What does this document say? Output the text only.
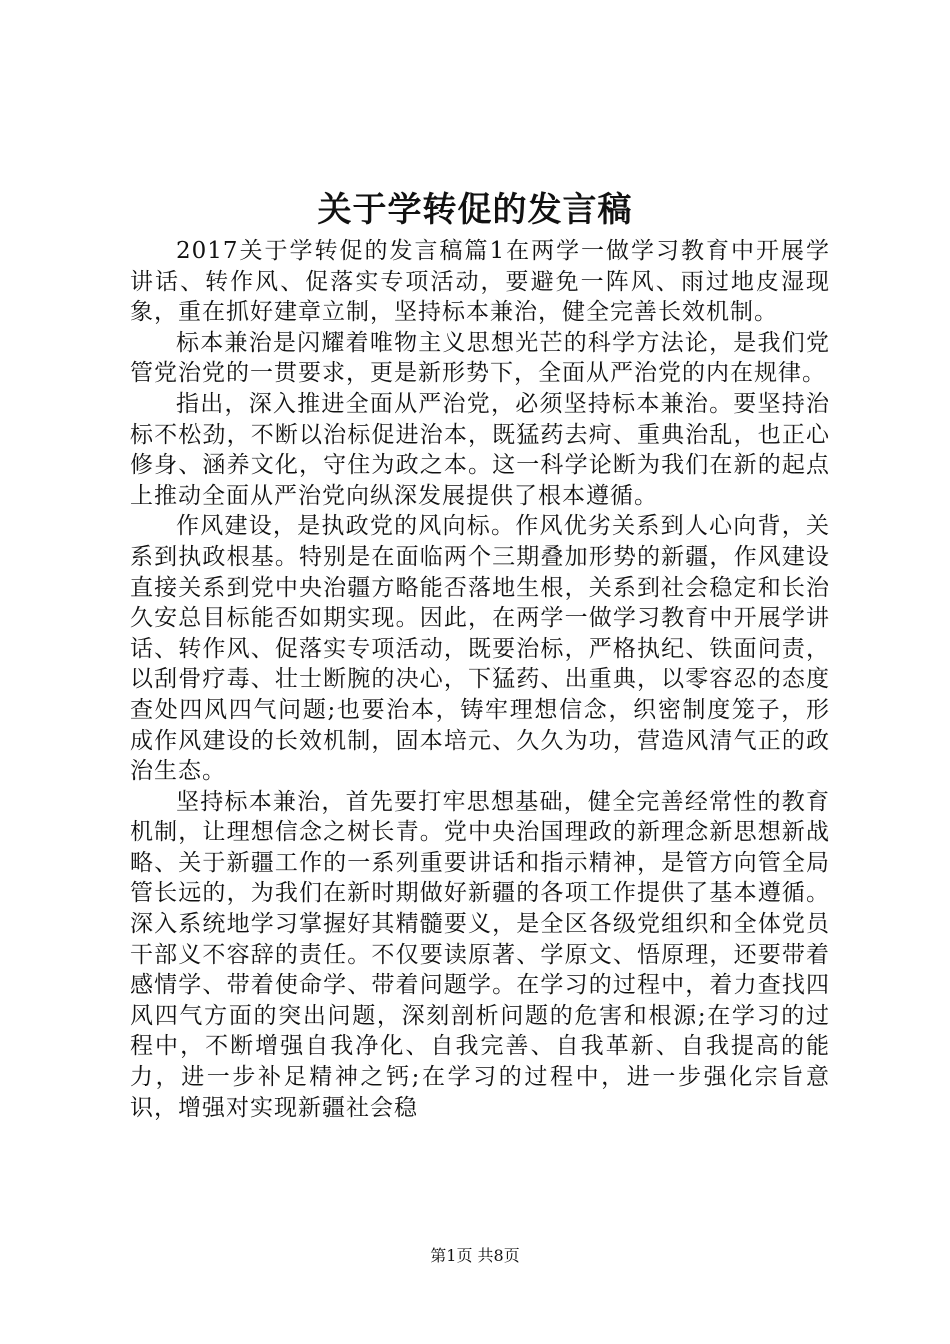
关于学转促的发言稿

2017关于学转促的发言稿篇1在两学一做学习教育中开展学讲话、转作风、促落实专项活动，要避免一阵风、雨过地皮湿现象，重在抓好建章立制，坚持标本兼治，健全完善长效机制。

标本兼治是闪耀着唯物主义思想光芒的科学方法论，是我们党管党治党的一贯要求，更是新形势下，全面从严治党的内在规律。

指出，深入推进全面从严治党，必须坚持标本兼治。要坚持治标不松劲，不断以治标促进治本，既猛药去疴、重典治乱，也正心修身、涵养文化，守住为政之本。这一科学论断为我们在新的起点上推动全面从严治党向纵深发展提供了根本遵循。

作风建设，是执政党的风向标。作风优劣关系到人心向背，关系到执政根基。特别是在面临两个三期叠加形势的新疆，作风建设直接关系到党中央治疆方略能否落地生根，关系到社会稳定和长治久安总目标能否如期实现。因此，在两学一做学习教育中开展学讲话、转作风、促落实专项活动，既要治标，严格执纪、铁面问责，以刮骨疗毒、壮士断腕的决心，下猛药、出重典，以零容忍的态度查处四风四气问题;也要治本，铸牢理想信念，织密制度笼子，形成作风建设的长效机制，固本培元、久久为功，营造风清气正的政治生态。

坚持标本兼治，首先要打牢思想基础，健全完善经常性的教育机制，让理想信念之树长青。党中央治国理政的新理念新思想新战略、关于新疆工作的一系列重要讲话和指示精神，是管方向管全局管长远的，为我们在新时期做好新疆的各项工作提供了基本遵循。深入系统地学习掌握好其精髓要义，是全区各级党组织和全体党员干部义不容辞的责任。不仅要读原著、学原文、悟原理，还要带着感情学、带着使命学、带着问题学。在学习的过程中，着力查找四风四气方面的突出问题，深刻剖析问题的危害和根源;在学习的过程中，不断增强自我净化、自我完善、自我革新、自我提高的能力，进一步补足精神之钙;在学习的过程中，进一步强化宗旨意识，增强对实现新疆社会稳

第1页 共8页
